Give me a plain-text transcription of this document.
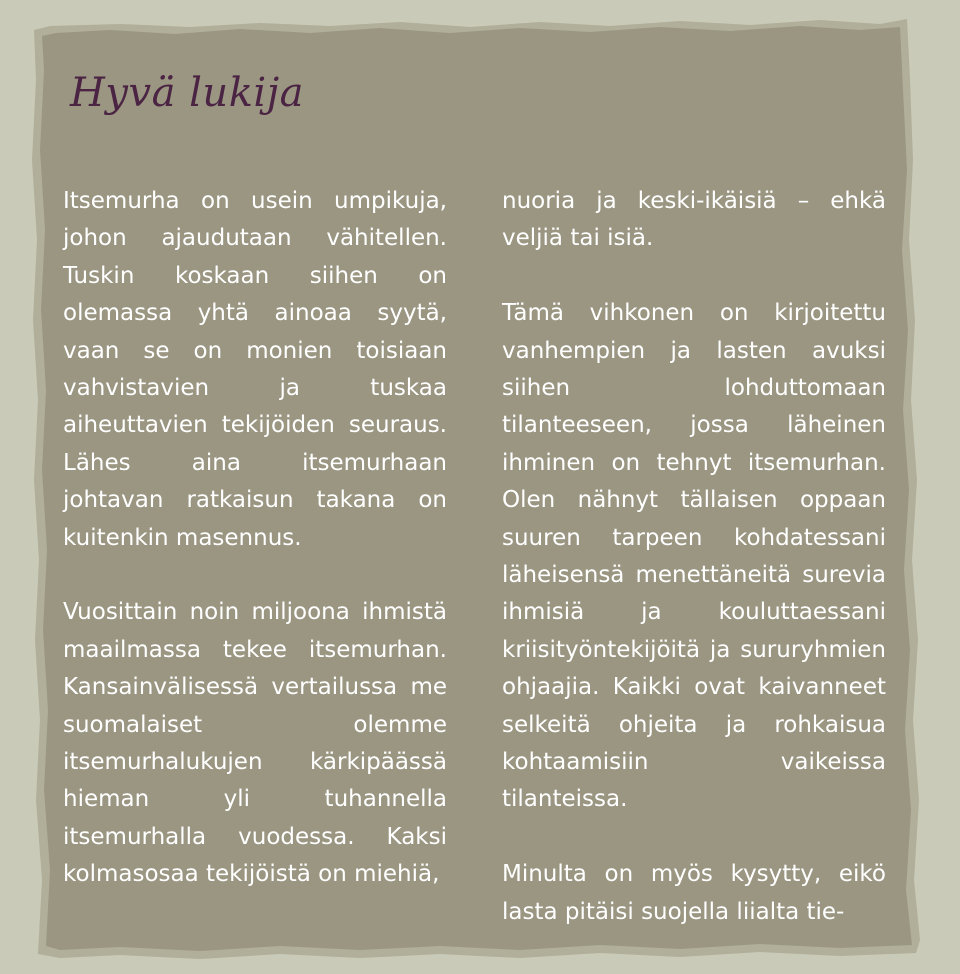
Hyvä lukija

Itsemurha on usein umpikuja, johon ajaudutaan vähitellen. Tuskin koskaan siihen on olemassa yhtä ainoaa syytä, vaan se on monien toisiaan vahvistavien ja tuskaa aiheuttavien tekijöiden seuraus. Lähes aina itsemurhaan johtavan ratkaisun takana on kuitenkin masennus.

Vuosittain noin miljoona ihmistä maailmassa tekee itsemurhan. Kansainvälisessä vertailussa me suomalaiset olemme itsemurhalukujen kärkipäässä hieman yli tuhannella itsemurhalla vuodessa. Kaksi kolmasosaa tekijöistä on miehiä,

nuoria ja keski-ikäisiä – ehkä veljiä tai isiä.

Tämä vihkonen on kirjoitettu vanhempien ja lasten avuksi siihen lohduttomaan tilanteeseen, jossa läheinen ihminen on tehnyt itsemurhan. Olen nähnyt tällaisen oppaan suuren tarpeen kohdatessani läheisensä menettäneitä surevia ihmisiä ja kouluttaessani kriisityöntekijöitä ja sururyhmien ohjaajia. Kaikki ovat kaivanneet selkeitä ohjeita ja rohkaisua kohtaamisiin vaikeissa tilanteissa.

Minulta on myös kysytty, eikö lasta pitäisi suojella liialta tie-
